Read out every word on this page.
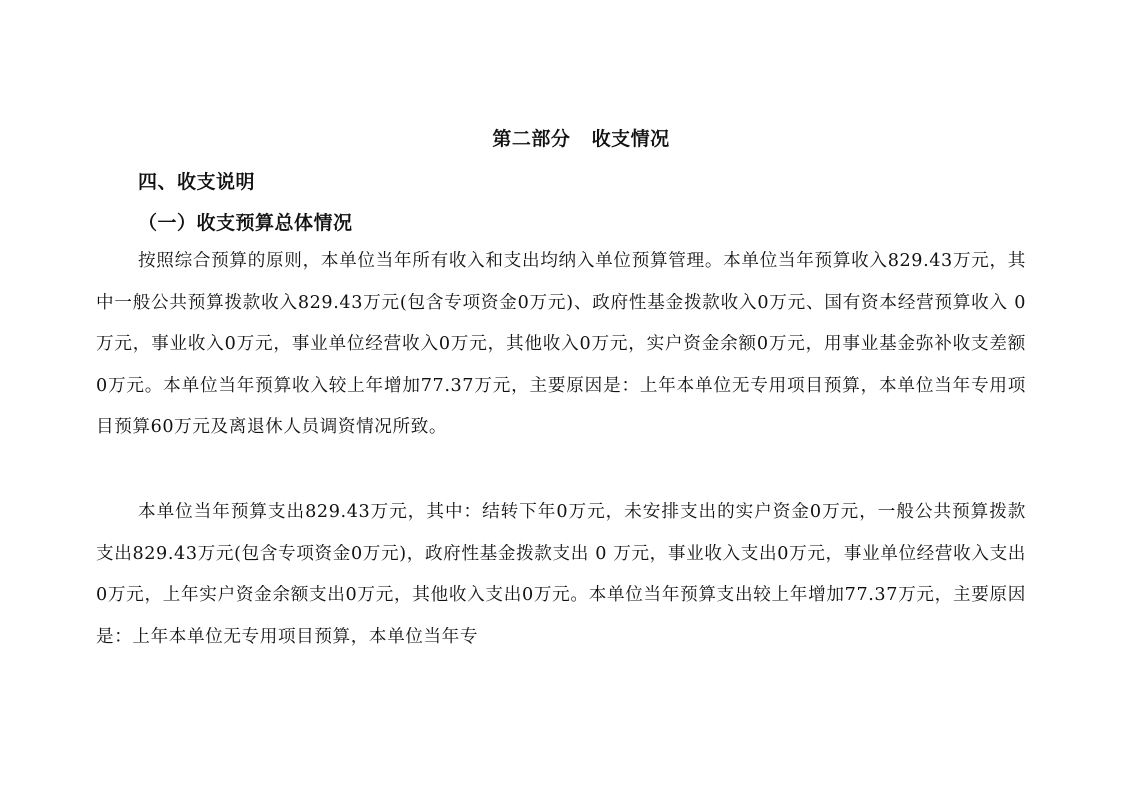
第二部分   收支情况
四、收支说明
（一）收支预算总体情况

按照综合预算的原则，本单位当年所有收入和支出均纳入单位预算管理。本单位当年预算收入829.43万元，其中一般公共预算拨款收入829.43万元(包含专项资金0万元)、政府性基金拨款收入0万元、国有资本经营预算收入 0 万元，事业收入0万元，事业单位经营收入0万元，其他收入0万元，实户资金余额0万元，用事业基金弥补收支差额0万元。本单位当年预算收入较上年增加77.37万元，主要原因是：上年本单位无专用项目预算，本单位当年专用项目预算60万元及离退休人员调资情况所致。

本单位当年预算支出829.43万元，其中：结转下年0万元，未安排支出的实户资金0万元，一般公共预算拨款支出829.43万元(包含专项资金0万元)，政府性基金拨款支出 0 万元，事业收入支出0万元，事业单位经营收入支出0万元，上年实户资金余额支出0万元，其他收入支出0万元。本单位当年预算支出较上年增加77.37万元，主要原因是：上年本单位无专用项目预算，本单位当年专
